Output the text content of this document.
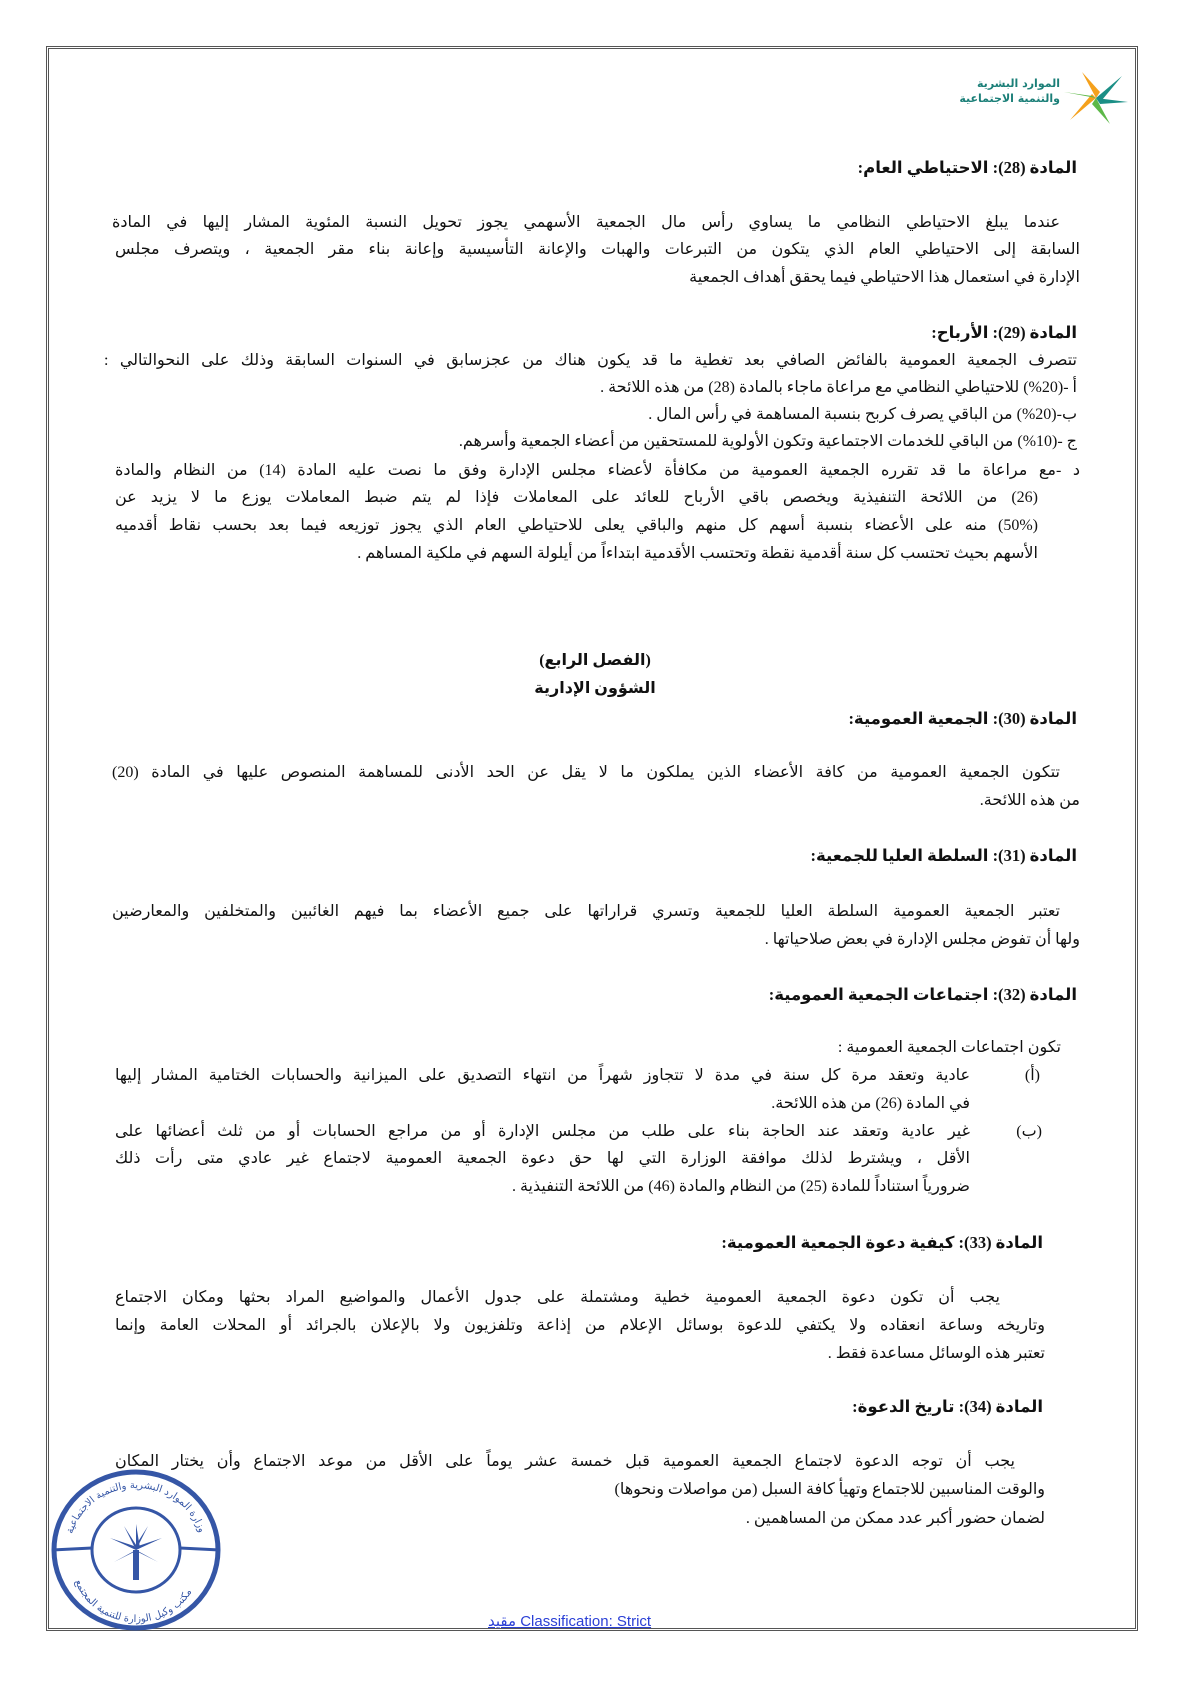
الموارد البشرية
والتنمية الاجتماعية
المادة (28): الاحتياطي العام:
عندما يبلغ الاحتياطي النظامي ما يساوي رأس مال الجمعية الأسهمي يجوز تحويل النسبة المئوية المشار إليها في المادة
السابقة إلى الاحتياطي العام الذي يتكون من التبرعات والهبات والإعانة التأسيسية وإعانة بناء مقر الجمعية ، ويتصرف مجلس
الإدارة في استعمال هذا الاحتياطي فيما يحقق أهداف الجمعية
المادة (29): الأرباح:
تتصرف الجمعية العمومية بالفائض الصافي بعد تغطية ما قد يكون هناك من عجزسابق في السنوات السابقة وذلك على النحوالتالي :
أ -(20%) للاحتياطي النظامي مع مراعاة ماجاء بالمادة (28) من هذه اللائحة .
ب-(20%) من الباقي يصرف كربح بنسبة المساهمة في رأس المال .
ج -(10%) من الباقي للخدمات الاجتماعية وتكون الأولوية للمستحقين من أعضاء الجمعية وأسرهم.
د -مع مراعاة ما قد تقرره الجمعية العمومية من مكافأة لأعضاء مجلس الإدارة وفق ما نصت عليه المادة (14) من النظام والمادة
(26) من اللائحة التنفيذية ويخصص باقي الأرباح للعائد على المعاملات فإذا لم يتم ضبط المعاملات يوزع ما لا يزيد عن
(50%) منه على الأعضاء بنسبة أسهم كل منهم والباقي يعلى للاحتياطي العام الذي يجوز توزيعه فيما بعد بحسب نقاط أقدميه
الأسهم بحيث تحتسب كل سنة أقدمية نقطة وتحتسب الأقدمية ابتداءاً من أيلولة السهم في ملكية المساهم .
(الفصل الرابع)
الشؤون الإدارية
المادة (30): الجمعية العمومية:
تتكون الجمعية العمومية من كافة الأعضاء الذين يملكون ما لا يقل عن الحد الأدنى للمساهمة المنصوص عليها في المادة (20)
من هذه اللائحة.
المادة (31): السلطة العليا للجمعية:
تعتبر الجمعية العمومية السلطة العليا للجمعية وتسري قراراتها على جميع الأعضاء بما فيهم الغائبين والمتخلفين والمعارضين
ولها أن تفوض مجلس الإدارة في بعض صلاحياتها .
المادة (32): اجتماعات الجمعية العمومية:
تكون اجتماعات الجمعية العمومية :
(أ)
عادية وتعقد مرة كل سنة في مدة لا تتجاوز شهراً من انتهاء التصديق على الميزانية والحسابات الختامية المشار إليها
في المادة (26) من هذه اللائحة.
(ب)
غير عادية وتعقد عند الحاجة بناء على طلب من مجلس الإدارة أو من مراجع الحسابات أو من ثلث أعضائها على
الأقل ، ويشترط لذلك موافقة الوزارة التي لها حق دعوة الجمعية العمومية لاجتماع غير عادي متى رأت ذلك
ضرورياً استناداً للمادة (25) من النظام والمادة (46) من اللائحة التنفيذية .
المادة (33): كيفية دعوة الجمعية العمومية:
يجب أن تكون دعوة الجمعية العمومية خطية ومشتملة على جدول الأعمال والمواضيع المراد بحثها ومكان الاجتماع
وتاريخه وساعة انعقاده ولا يكتفي للدعوة بوسائل الإعلام من إذاعة وتلفزيون ولا بالإعلان بالجرائد أو المحلات العامة وإنما
تعتبر هذه الوسائل مساعدة فقط .
المادة (34): تاريخ الدعوة:
يجب أن توجه الدعوة لاجتماع الجمعية العمومية قبل خمسة عشر يوماً على الأقل من موعد الاجتماع وأن يختار المكان
والوقت المناسبين للاجتماع وتهيأ كافة السبل (من مواصلات ونحوها)
لضمان حضور أكبر عدد ممكن من المساهمين .
وزارة الموارد البشرية والتنمية الاجتماعية
مكتب وكيل الوزارة للتنمية المجتمع
مقيد Classification: Strict
